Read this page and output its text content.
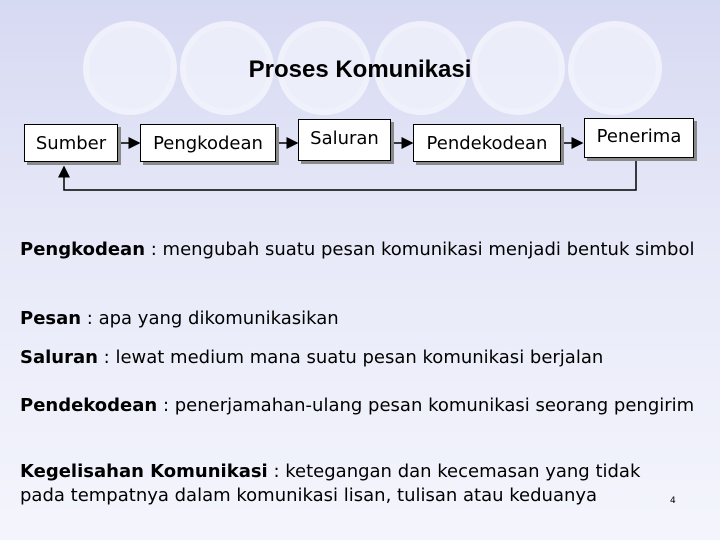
Proses Komunikasi
Sumber	Pengkodean	Saluran	Pendekodean	Penerima

Pengkodean : mengubah suatu pesan komunikasi menjadi bentuk simbol

Pesan : apa yang dikomunikasikan

Saluran : lewat medium mana suatu pesan komunikasi berjalan

Pendekodean : penerjamahan-ulang pesan komunikasi seorang pengirim

Kegelisahan Komunikasi : ketegangan dan kecemasan yang tidak pada tempatnya dalam komunikasi lisan, tulisan atau keduanya	4
